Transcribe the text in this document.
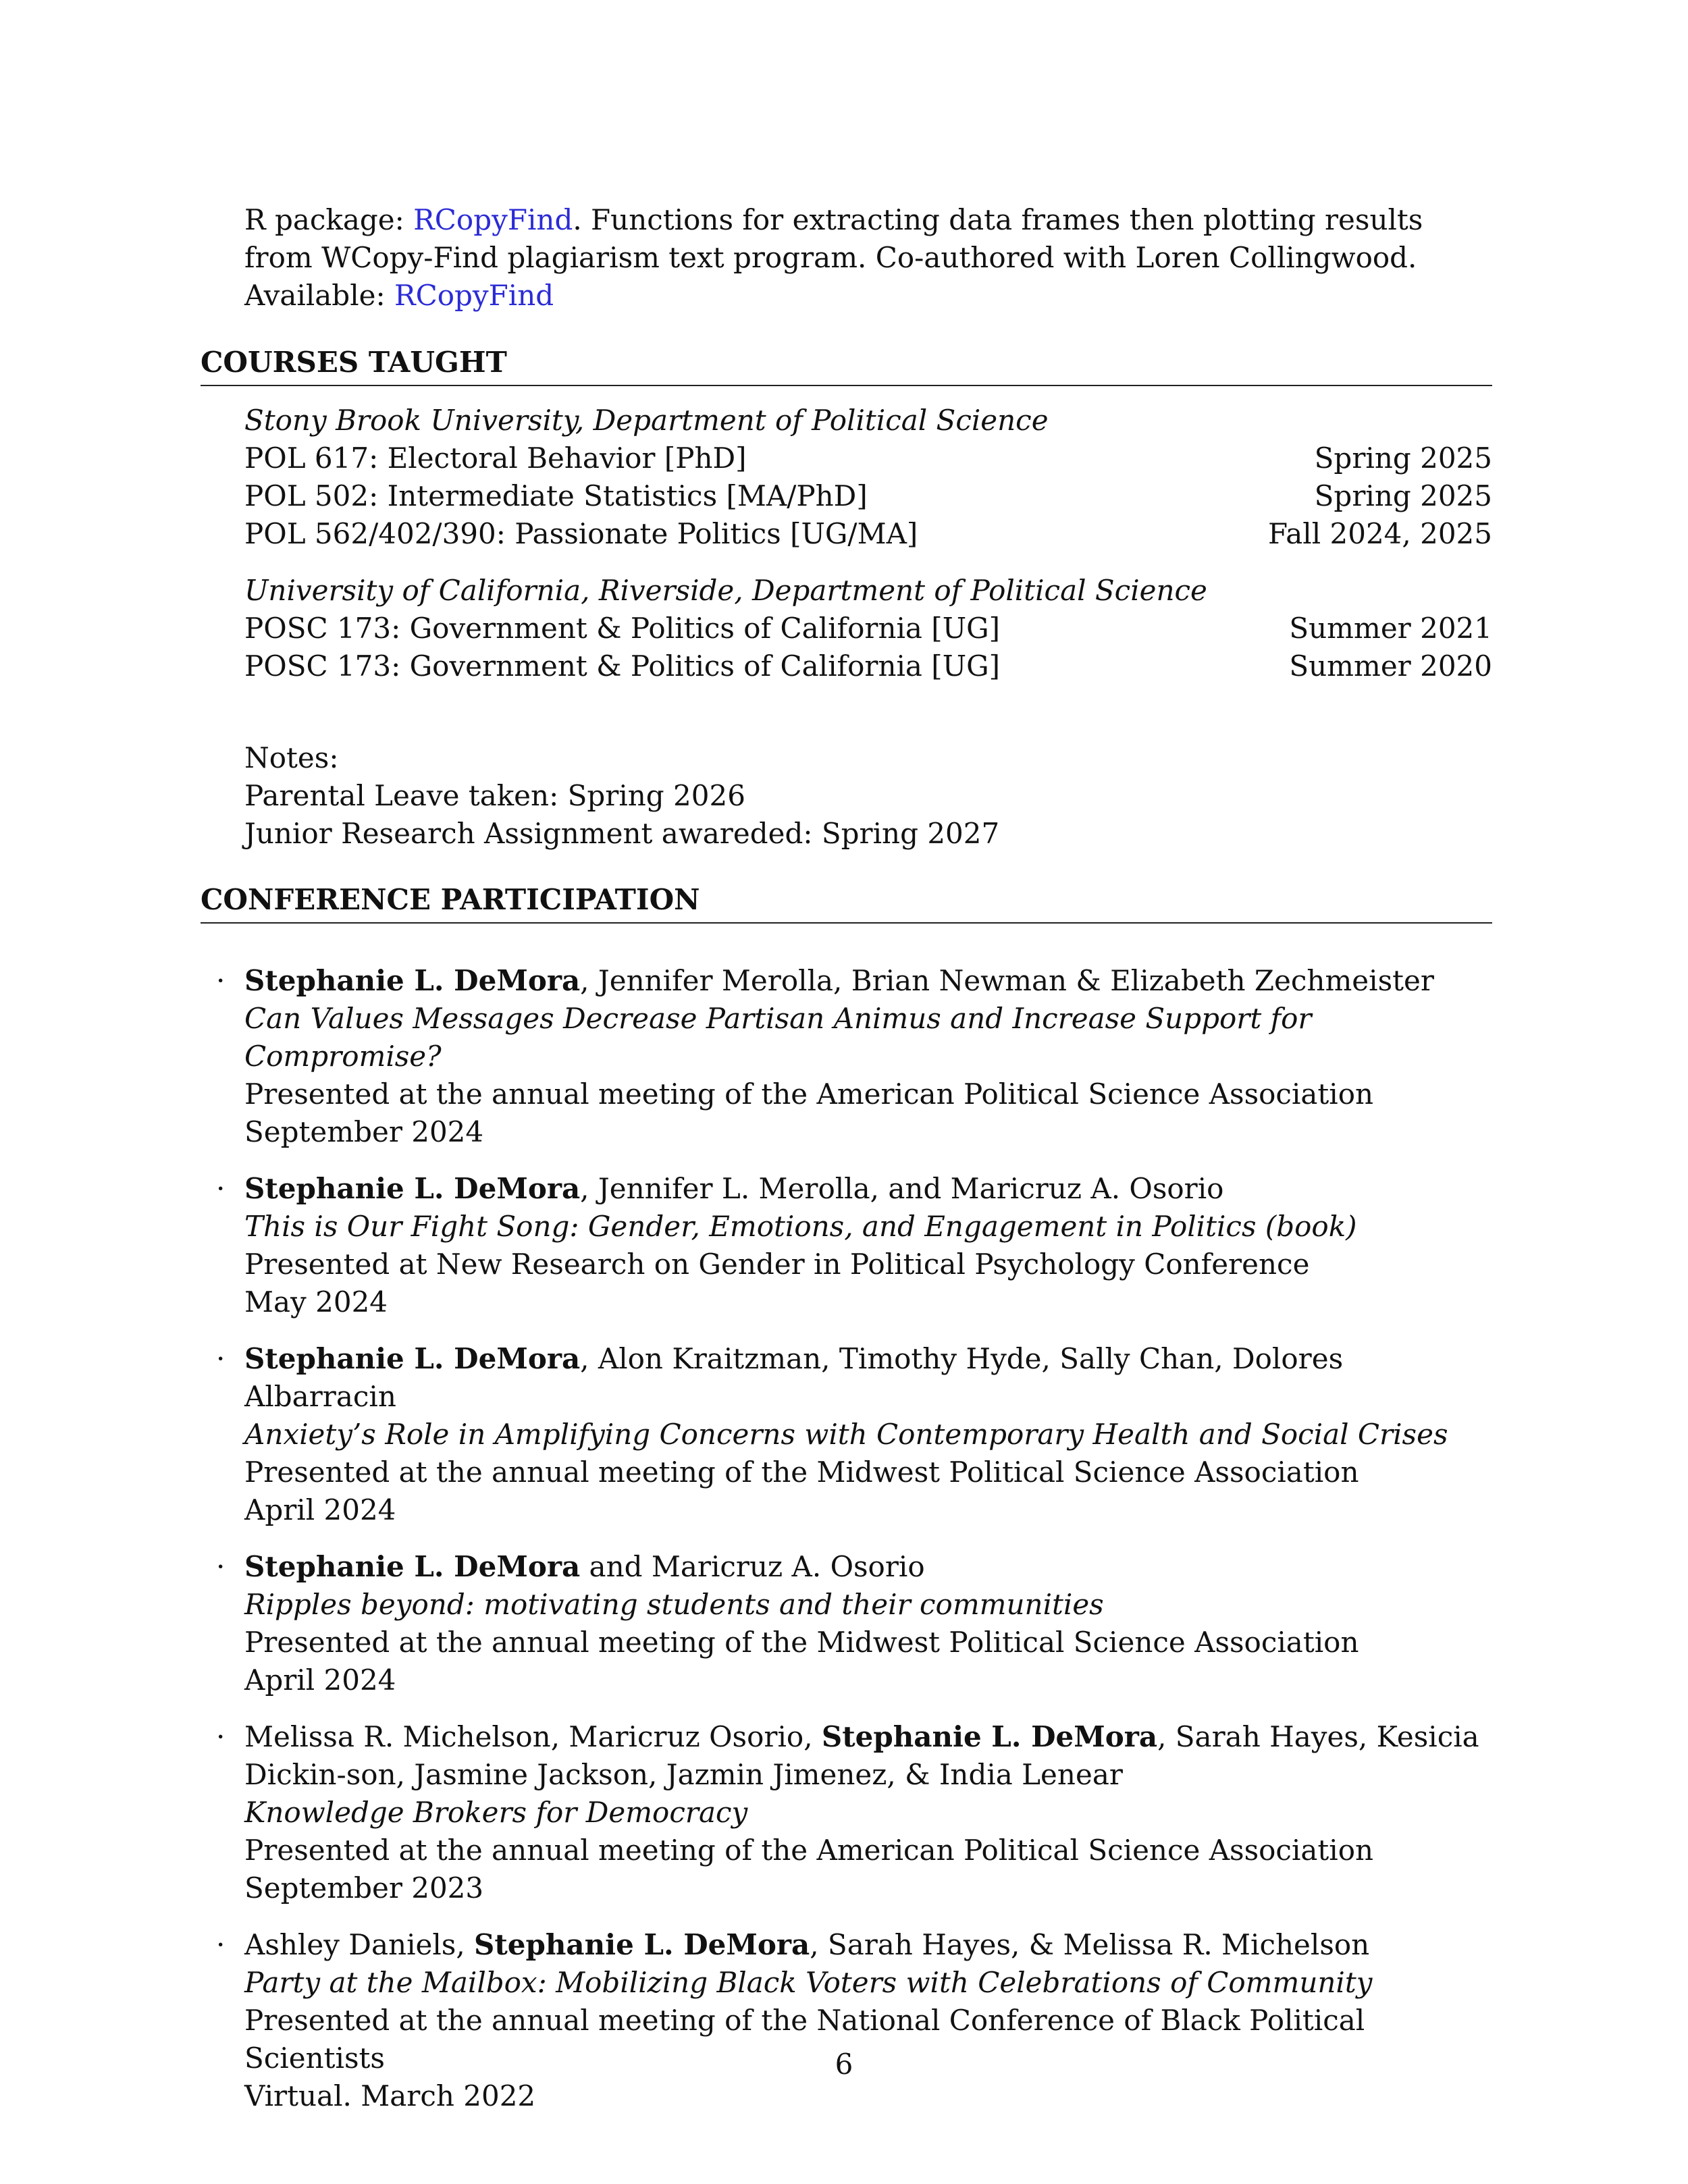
R package: RCopyFind. Functions for extracting data frames then plotting results from WCopy-Find plagiarism text program. Co-authored with Loren Collingwood. Available: RCopyFind
COURSES TAUGHT
Stony Brook University, Department of Political Science
POL 617: Electoral Behavior [PhD]	Spring 2025
POL 502: Intermediate Statistics [MA/PhD]	Spring 2025
POL 562/402/390: Passionate Politics [UG/MA]	Fall 2024, 2025
University of California, Riverside, Department of Political Science
POSC 173: Government & Politics of California [UG]	Summer 2021
POSC 173: Government & Politics of California [UG]	Summer 2020
Notes:
Parental Leave taken: Spring 2026
Junior Research Assignment awareded: Spring 2027
CONFERENCE PARTICIPATION
· Stephanie L. DeMora, Jennifer Merolla, Brian Newman & Elizabeth Zechmeister
Can Values Messages Decrease Partisan Animus and Increase Support for Compromise?
Presented at the annual meeting of the American Political Science Association
September 2024
· Stephanie L. DeMora, Jennifer L. Merolla, and Maricruz A. Osorio
This is Our Fight Song: Gender, Emotions, and Engagement in Politics (book)
Presented at New Research on Gender in Political Psychology Conference
May 2024
· Stephanie L. DeMora, Alon Kraitzman, Timothy Hyde, Sally Chan, Dolores Albarracin
Anxiety’s Role in Amplifying Concerns with Contemporary Health and Social Crises
Presented at the annual meeting of the Midwest Political Science Association
April 2024
· Stephanie L. DeMora and Maricruz A. Osorio
Ripples beyond: motivating students and their communities
Presented at the annual meeting of the Midwest Political Science Association
April 2024
· Melissa R. Michelson, Maricruz Osorio, Stephanie L. DeMora, Sarah Hayes, Kesicia Dickin-son, Jasmine Jackson, Jazmin Jimenez, & India Lenear
Knowledge Brokers for Democracy
Presented at the annual meeting of the American Political Science Association
September 2023
· Ashley Daniels, Stephanie L. DeMora, Sarah Hayes, & Melissa R. Michelson
Party at the Mailbox: Mobilizing Black Voters with Celebrations of Community
Presented at the annual meeting of the National Conference of Black Political Scientists
Virtual. March 2022
6
